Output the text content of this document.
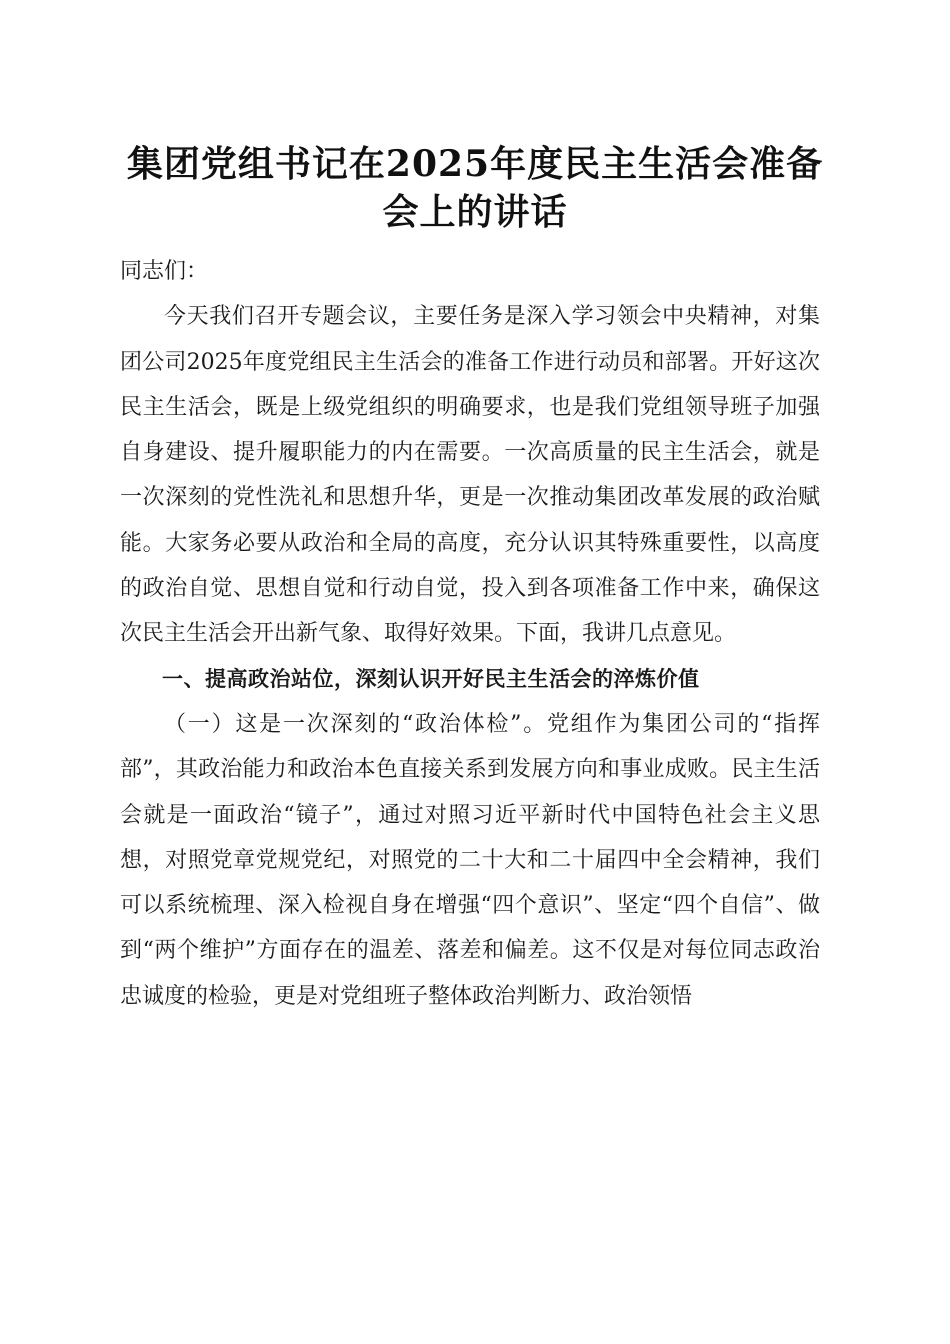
集团党组书记在2025年度民主生活会准备会上的讲话

同志们：

今天我们召开专题会议，主要任务是深入学习领会中央精神，对集团公司2025年度党组民主生活会的准备工作进行动员和部署。开好这次民主生活会，既是上级党组织的明确要求，也是我们党组领导班子加强自身建设、提升履职能力的内在需要。一次高质量的民主生活会，就是一次深刻的党性洗礼和思想升华，更是一次推动集团改革发展的政治赋能。大家务必要从政治和全局的高度，充分认识其特殊重要性，以高度的政治自觉、思想自觉和行动自觉，投入到各项准备工作中来，确保这次民主生活会开出新气象、取得好效果。下面，我讲几点意见。

一、提高政治站位，深刻认识开好民主生活会的淬炼价值

（一）这是一次深刻的“政治体检”。党组作为集团公司的“指挥部”，其政治能力和政治本色直接关系到发展方向和事业成败。民主生活会就是一面政治“镜子”，通过对照习近平新时代中国特色社会主义思想，对照党章党规党纪，对照党的二十大和二十届四中全会精神，我们可以系统梳理、深入检视自身在增强“四个意识”、坚定“四个自信”、做到“两个维护”方面存在的温差、落差和偏差。这不仅是对每位同志政治忠诚度的检验，更是对党组班子整体政治判断力、政治领悟
